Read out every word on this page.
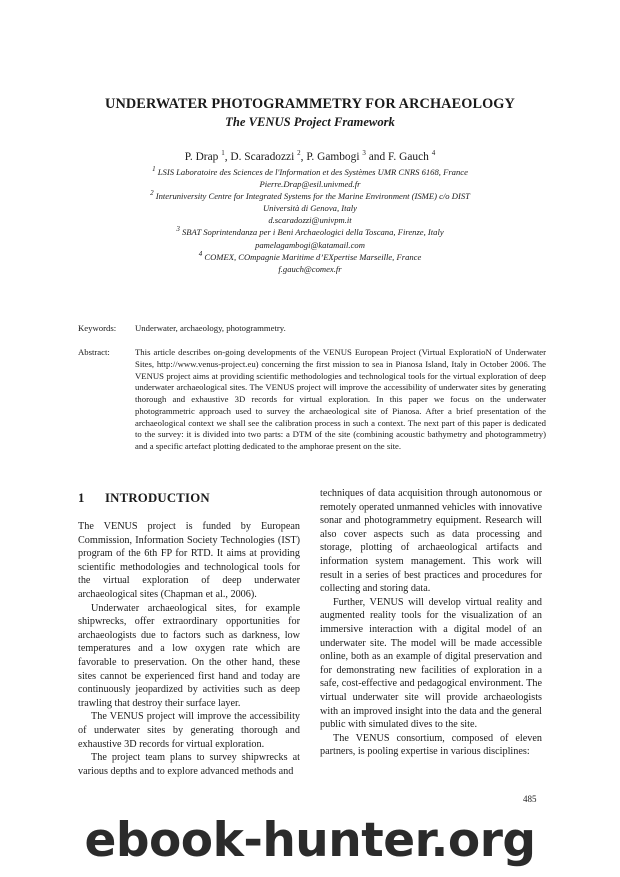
UNDERWATER PHOTOGRAMMETRY FOR ARCHAEOLOGY
The VENUS Project Framework
P. Drap $^1$, D. Scaradozzi $^2$, P. Gambogi $^3$ and F. Gauch $^4$

$^1$ LSIS Laboratoire des Sciences de l'Information et des Systèmes UMR CNRS 6168, France

Pierre.Drap@esil.univmed.fr

$^2$ Interuniversity Centre for Integrated Systems for the Marine Environment (ISME) c/o DIST

Università di Genova, Italy

d.scaradozzi@univpm.it

$^3$ SBAT Soprintendanza per i Beni Archaeologici della Toscana, Firenze, Italy

pamelagambogi@katamail.com

$^4$ COMEX, COmpagnie Maritime d’EXpertise Marseille, France

f.gauch@comex.fr

Keywords: Underwater, archaeology, photogrammetry.
Abstract:	This article describes on-going developments of the VENUS European Project (Virtual ExploratioN of Underwater Sites, http://www.venus-project.eu) concerning the first mission to sea in Pianosa Island, Italy in October 2006. The VENUS project aims at providing scientific methodologies and technological tools for the virtual exploration of deep underwater archaeological sites. The VENUS project will improve the accessibility of underwater sites by generating thorough and exhaustive 3D records for virtual exploration. In this paper we focus on the underwater photogrammetric approach used to survey the archaeological site of Pianosa. After a brief presentation of the archaeological context we shall see the calibration process in such a context. The next part of this paper is dedicated to the survey: it is divided into two parts: a DTM of the site (combining acoustic bathymetry and photogrammetry) and a specific artefact plotting dedicated to the amphorae present on the site.
1 INTRODUCTION

The VENUS project is funded by European Commission, Information Society Technologies (IST) program of the 6th FP for RTD. It aims at providing scientific methodologies and technological tools for the virtual exploration of deep underwater archaeological sites (Chapman et al., 2006).

Underwater archaeological sites, for example shipwrecks, offer extraordinary opportunities for archaeologists due to factors such as darkness, low temperatures and a low oxygen rate which are favorable to preservation. On the other hand, these sites cannot be experienced first hand and today are continuously jeopardized by activities such as deep trawling that destroy their surface layer.

The VENUS project will improve the accessibility of underwater sites by generating thorough and exhaustive 3D records for virtual exploration.

The project team plans to survey shipwrecks at various depths and to explore advanced methods and

techniques of data acquisition through autonomous or remotely operated unmanned vehicles with innovative sonar and photogrammetry equipment. Research will also cover aspects such as data processing and storage, plotting of archaeological artifacts and information system management. This work will result in a series of best practices and procedures for collecting and storing data.

Further, VENUS will develop virtual reality and augmented reality tools for the visualization of an immersive interaction with a digital model of an underwater site. The model will be made accessible online, both as an example of digital preservation and for demonstrating new facilities of exploration in a safe, cost-effective and pedagogical environment. The virtual underwater site will provide archaeologists with an improved insight into the data and the general public with simulated dives to the site.

The VENUS consortium, composed of eleven partners, is pooling expertise in various disciplines:

485
ebook-hunter.org
